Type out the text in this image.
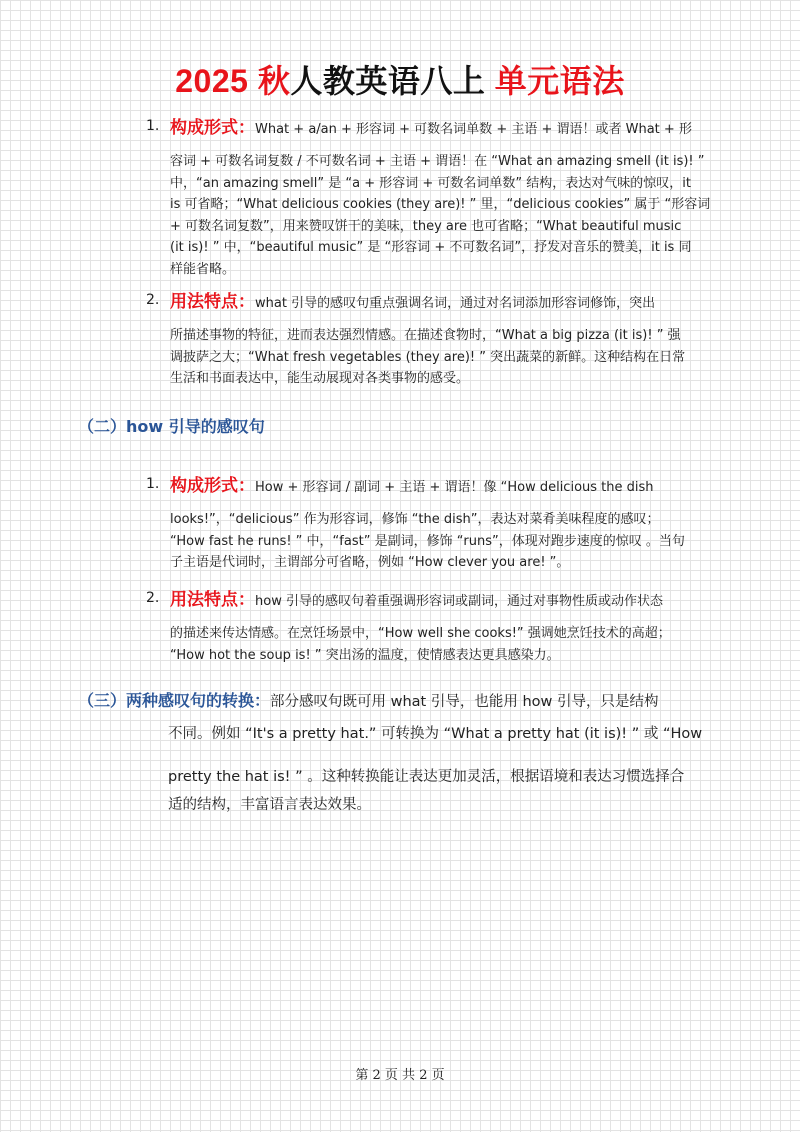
2025 秋人教英语八上 单元语法
1. 构成形式：What + a/an + 形容词 + 可数名词单数 + 主语 + 谓语！或者 What + 形
容词 + 可数名词复数 / 不可数名词 + 主语 + 谓语！在 “What an amazing smell (it is)! ”
中，“an amazing smell” 是 “a + 形容词 + 可数名词单数” 结构，表达对气味的惊叹，it
is 可省略；“What delicious cookies (they are)! ” 里，“delicious cookies” 属于 “形容词
+ 可数名词复数”，用来赞叹饼干的美味，they are 也可省略；“What beautiful music
(it is)! ” 中，“beautiful music” 是 “形容词 + 不可数名词”，抒发对音乐的赞美，it is 同
样能省略。
2. 用法特点：what 引导的感叹句重点强调名词，通过对名词添加形容词修饰，突出
所描述事物的特征，进而表达强烈情感。在描述食物时，“What a big pizza (it is)! ” 强
调披萨之大；“What fresh vegetables (they are)! ” 突出蔬菜的新鲜。这种结构在日常
生活和书面表达中，能生动展现对各类事物的感受。
（二）how 引导的感叹句
1. 构成形式：How + 形容词 / 副词 + 主语 + 谓语！像 “How delicious the dish
looks!”，“delicious” 作为形容词，修饰 “the dish”，表达对菜肴美味程度的感叹；
“How fast he runs! ” 中，“fast” 是副词，修饰 “runs”，体现对跑步速度的惊叹 。当句
子主语是代词时，主谓部分可省略，例如 “How clever you are! ”。
2. 用法特点：how 引导的感叹句着重强调形容词或副词，通过对事物性质或动作状态
的描述来传达情感。在烹饪场景中，“How well she cooks!” 强调她烹饪技术的高超；
“How hot the soup is! ” 突出汤的温度，使情感表达更具感染力。
（三）两种感叹句的转换：部分感叹句既可用 what 引导，也能用 how 引导，只是结构
不同。例如 “It's a pretty hat.” 可转换为 “What a pretty hat (it is)! ” 或 “How
pretty the hat is! ” 。这种转换能让表达更加灵活，根据语境和表达习惯选择合
适的结构，丰富语言表达效果。
第 2 页 共 2 页
